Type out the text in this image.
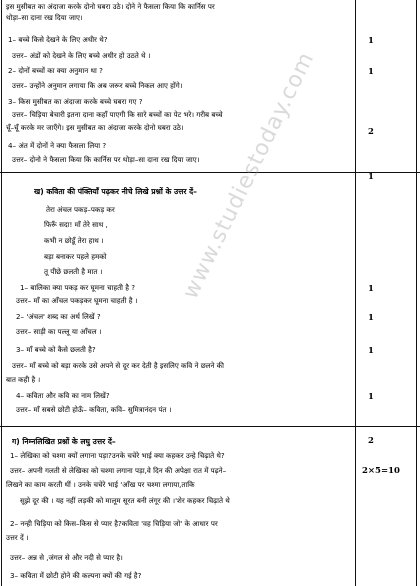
www.studiestoday.com
इस मुसीबत का अंदाजा करके दोनो घबरा उठे। दोने ने फैसला किया कि कार्निस पर
थोड़ा–सा दाना रख दिया जाए।
1– बच्चे किसे देखने के लिए अधीर थे?	1
उत्तर– अंडों को देखने के लिए बच्चे अधीर हो उठते थे ।
2– दोनों बच्चों का क्या अनुमान था ?	1
उत्तर– उन्होंने अनुमान लगाया कि अब जरूर बच्चे निकल आए होंगे।
3– किस मुसीबत का अंदाजा करके बच्चे घबरा गए ?
उत्तर– चिड़िया बेचारी इतना दाना कहाँ पाएगी कि सारे बच्चों का पेट भरे। गरीब बच्चे
चूँ–चूँ करके मर जाएँगे। इस मुसीबत का अंदाजा करके दोनो घबरा उठे।	2
4– अंत में दोनों ने क्या फैसला लिया ?
उत्तर– दोनो ने फैसला किया कि कार्निस पर थोड़ा–सा दाना रख दिया जाए।
1
ख) कविता की पंक्तियाँ पढ़कर नीचे लिखे प्रश्नों के उत्तर दें–
तेरा अंचल पकड़–पकड़ कर
फिरूँ सदा! माँ तेरे साथ ,
कभी न छोडूँ तेरा हाथ ।
बड़ा बनाकर पहले हमको
तू पीछे छलती है मात ।
1– बालिका क्या पकड़ कर घूमना चाहती है ?	1
उत्तर– माँ का आँचल पकड़कर घूमना चाहती है ।
2– 'अंचल' शब्द का अर्थ लिखें ?	1
उत्तर– साड़ी का पल्लू या आँचल ।
3– माँ बच्चे को कैसे छलती है?	1
उत्तर– माँ बच्चे को बड़ा करके उसे अपने से दूर कर देती है इसलिए कवि ने छलने की
बात कही है ।
4– कविता और कवि का नाम लिखें?	1
उत्तर– माँ सबसे छोटी होऊँ– कविता, कवि– सुमित्रानंदन पंत ।
ग) निम्नलिखित प्रश्नों के लघु उत्तर दें–	2
1– लेखिका को चश्मा क्यों लगाना पड़ा?उनके चचेरे भाई क्या कहकर उन्हे चिढ़ाते थे?
2×5=10
उत्तर– अपनी गलती से लेखिका को चश्मा लगाना पड़ा,वे दिन की अपेक्षा रात में पढ़ने–
लिखने का काम करती थीं । उनके चचेरे भाई 'आँख पर चश्मा लगाया,ताकि
सूझे दूर की । यह नहीं लड़की को मालूम सूरत बनी लंगूर की ।'शेर कहकर चिढ़ाते थे
2– नन्ही चिड़िया को किस–किस से प्यार है?कविता 'वह चिड़िया जो' के आधार पर
उत्तर दें ।
उत्तर– अन्न से ,जंगल से और नदी से प्यार है।
3– कविता में छोटी होने की कल्पना क्यों की गई है?
